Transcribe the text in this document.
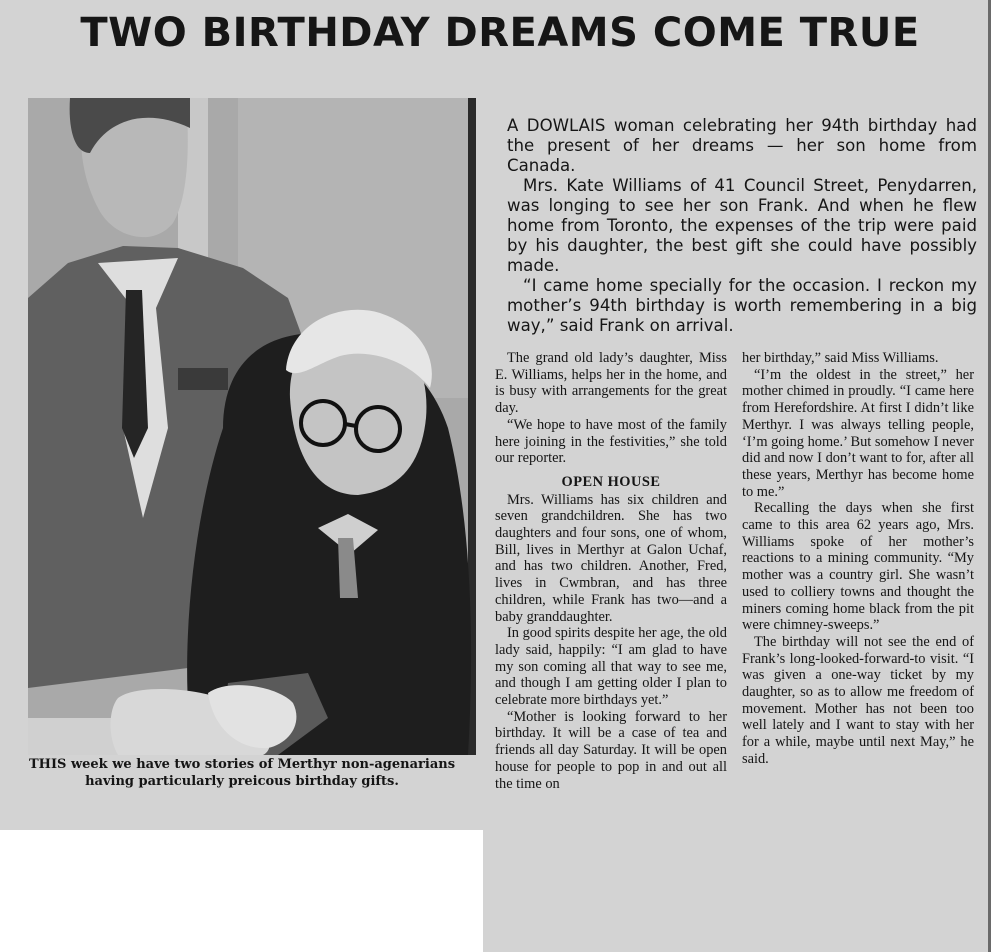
TWO BIRTHDAY DREAMS COME TRUE
THIS week we have two stories of Merthyr non-agenarians having particularly preicous birthday gifts.

A DOWLAIS woman celebrating her 94th birthday had the present of her dreams — her son home from Canada.

Mrs. Kate Williams of 41 Council Street, Penydarren, was longing to see her son Frank. And when he flew home from Toronto, the expenses of the trip were paid by his daughter, the best gift she could have possibly made.

“I came home specially for the occasion. I reckon my mother’s 94th birthday is worth remembering in a big way,” said Frank on arrival.

The grand old lady’s daughter, Miss E. Williams, helps her in the home, and is busy with arrangements for the great day.

“We hope to have most of the family here joining in the festivities,” she told our reporter.

OPEN HOUSE

Mrs. Williams has six children and seven grandchildren. She has two daughters and four sons, one of whom, Bill, lives in Merthyr at Galon Uchaf, and has two children. Another, Fred, lives in Cwmbran, and has three children, while Frank has two—and a baby granddaughter.

In good spirits despite her age, the old lady said, happily: “I am glad to have my son coming all that way to see me, and though I am getting older I plan to celebrate more birthdays yet.”

“Mother is looking forward to her birthday. It will be a case of tea and friends all day Saturday. It will be open house for people to pop in and out all the time on

her birthday,” said Miss Williams.

“I’m the oldest in the street,” her mother chimed in proudly. “I came here from Herefordshire. At first I didn’t like Merthyr. I was always telling people, ‘I’m going home.’ But somehow I never did and now I don’t want to for, after all these years, Merthyr has become home to me.”

Recalling the days when she first came to this area 62 years ago, Mrs. Williams spoke of her mother’s reactions to a mining community. “My mother was a country girl. She wasn’t used to colliery towns and thought the miners coming home black from the pit were chimney-sweeps.”

The birthday will not see the end of Frank’s long-looked-forward-to visit. “I was given a one-way ticket by my daughter, so as to allow me freedom of movement. Mother has not been too well lately and I want to stay with her for a while, maybe until next May,” he said.
